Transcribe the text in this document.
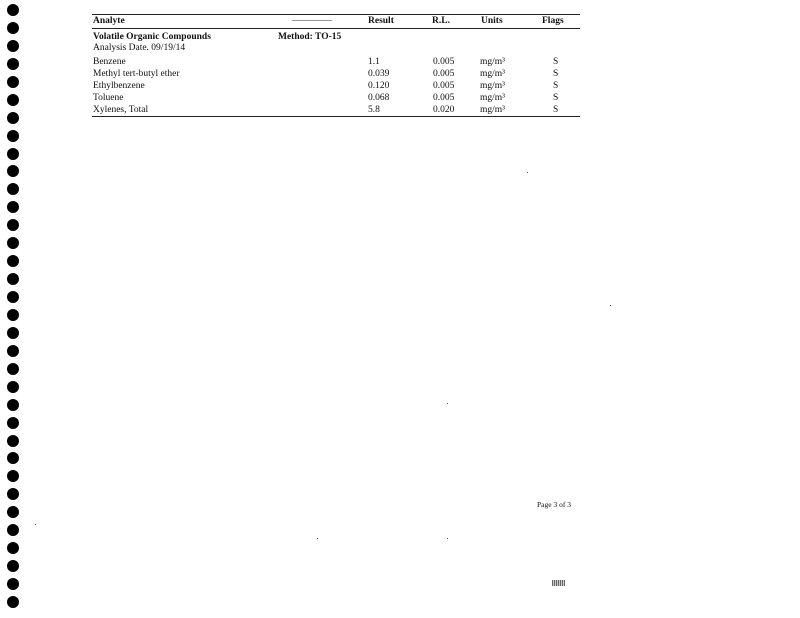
Analyte	Result	R.L.	Units	Flags
Volatile Organic Compounds	Method: TO-15
Analysis Date. 09/19/14
Benzene	1.1	0.005	mg/m³	S
Methyl tert-butyl ether	0.039	0.005	mg/m³	S
Ethylbenzene	0.120	0.005	mg/m³	S
Toluene	0.068	0.005	mg/m³	S
Xylenes, Total	5.8	0.020	mg/m³	S
Page 3 of 3
